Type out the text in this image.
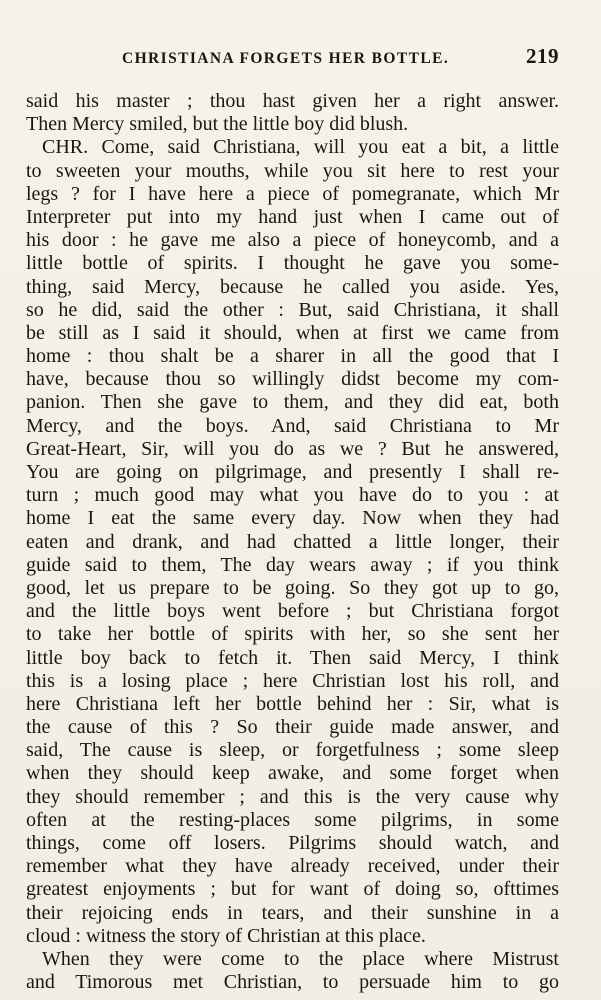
CHRISTIANA FORGETS HER BOTTLE.	219
said his master ; thou hast given her a right answer.
Then Mercy smiled, but the little boy did blush.
CHR. Come, said Christiana, will you eat a bit, a little
to sweeten your mouths, while you sit here to rest your
legs ? for I have here a piece of pomegranate, which Mr
Interpreter put into my hand just when I came out of
his door : he gave me also a piece of honeycomb, and a
little bottle of spirits. I thought he gave you some-
thing, said Mercy, because he called you aside. Yes,
so he did, said the other : But, said Christiana, it shall
be still as I said it should, when at first we came from
home : thou shalt be a sharer in all the good that I
have, because thou so willingly didst become my com-
panion. Then she gave to them, and they did eat, both
Mercy, and the boys. And, said Christiana to Mr
Great-Heart, Sir, will you do as we ? But he answered,
You are going on pilgrimage, and presently I shall re-
turn ; much good may what you have do to you : at
home I eat the same every day. Now when they had
eaten and drank, and had chatted a little longer, their
guide said to them, The day wears away ; if you think
good, let us prepare to be going. So they got up to go,
and the little boys went before ; but Christiana forgot
to take her bottle of spirits with her, so she sent her
little boy back to fetch it. Then said Mercy, I think
this is a losing place ; here Christian lost his roll, and
here Christiana left her bottle behind her : Sir, what is
the cause of this ? So their guide made answer, and
said, The cause is sleep, or forgetfulness ; some sleep
when they should keep awake, and some forget when
they should remember ; and this is the very cause why
often at the resting-places some pilgrims, in some
things, come off losers. Pilgrims should watch, and
remember what they have already received, under their
greatest enjoyments ; but for want of doing so, ofttimes
their rejoicing ends in tears, and their sunshine in a
cloud : witness the story of Christian at this place.
When they were come to the place where Mistrust
and Timorous met Christian, to persuade him to go
